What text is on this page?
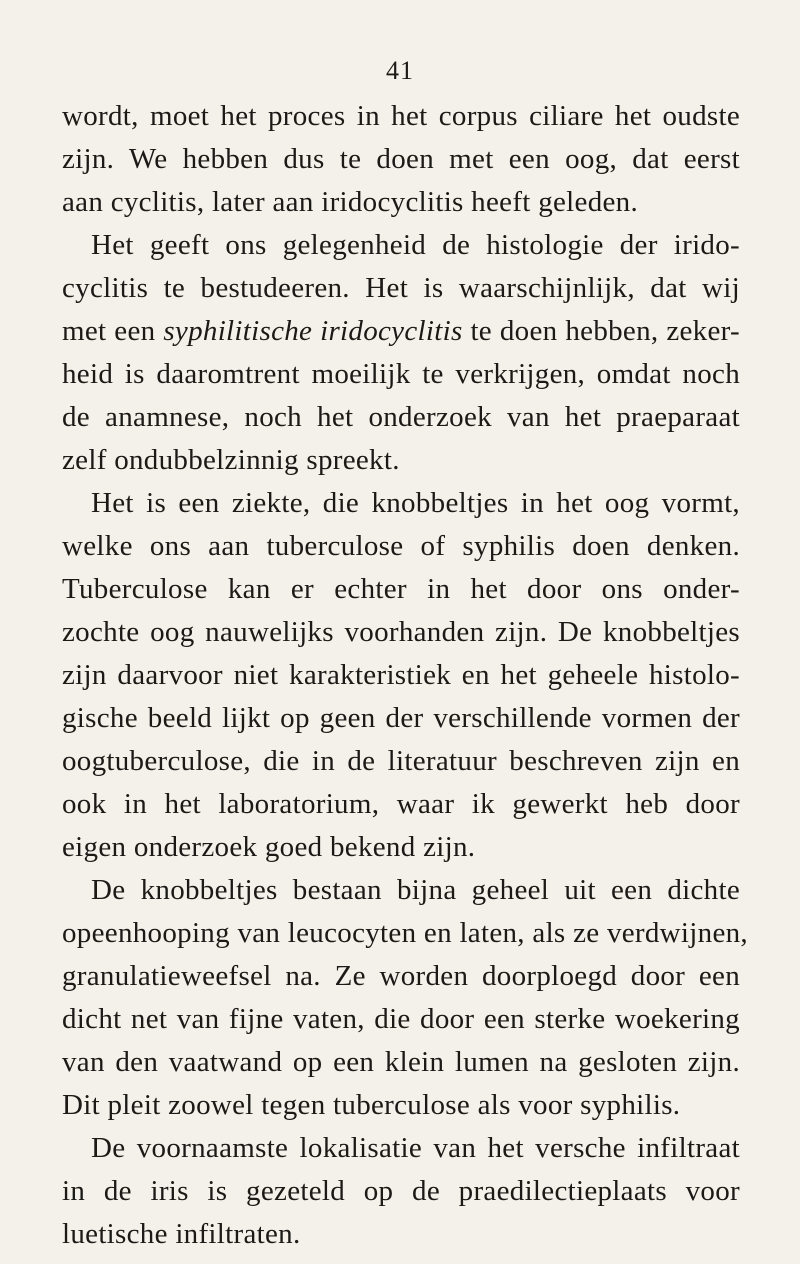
41
wordt, moet het proces in het corpus ciliare het oudste
zijn. We hebben dus te doen met een oog, dat eerst
aan cyclitis, later aan iridocyclitis heeft geleden.
Het geeft ons gelegenheid de histologie der irido-
cyclitis te bestudeeren. Het is waarschijnlijk, dat wij
met een syphilitische iridocyclitis te doen hebben, zeker-
heid is daaromtrent moeilijk te verkrijgen, omdat noch
de anamnese, noch het onderzoek van het praeparaat
zelf ondubbelzinnig spreekt.
Het is een ziekte, die knobbeltjes in het oog vormt,
welke ons aan tuberculose of syphilis doen denken.
Tuberculose kan er echter in het door ons onder-
zochte oog nauwelijks voorhanden zijn. De knobbeltjes
zijn daarvoor niet karakteristiek en het geheele histolo-
gische beeld lijkt op geen der verschillende vormen der
oogtuberculose, die in de literatuur beschreven zijn en
ook in het laboratorium, waar ik gewerkt heb door
eigen onderzoek goed bekend zijn.
De knobbeltjes bestaan bijna geheel uit een dichte
opeenhooping van leucocyten en laten, als ze verdwijnen,
granulatieweefsel na. Ze worden doorploegd door een
dicht net van fijne vaten, die door een sterke woekering
van den vaatwand op een klein lumen na gesloten zijn.
Dit pleit zoowel tegen tuberculose als voor syphilis.
De voornaamste lokalisatie van het versche infiltraat
in de iris is gezeteld op de praedilectieplaats voor
luetische infiltraten.
